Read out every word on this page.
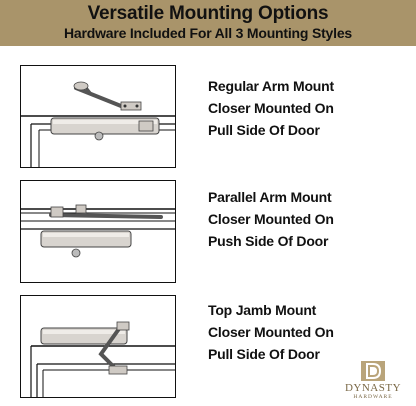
Versatile Mounting Options
Hardware Included For All 3 Mounting Styles
Regular Arm Mount
Closer Mounted On
Pull Side Of Door
Parallel Arm Mount
Closer Mounted On
Push Side Of Door
Top Jamb Mount
Closer Mounted On
Pull Side Of Door
DYNASTY
HARDWARE
